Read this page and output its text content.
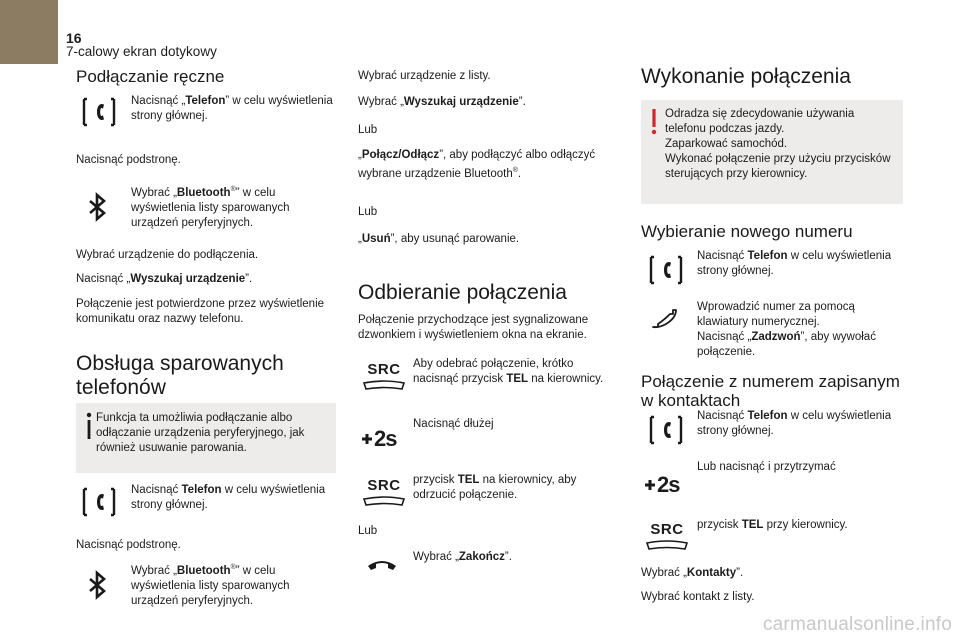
16
7-calowy ekran dotykowy
Podłączanie ręczne

Nacisnąć „Telefon” w celu wyświetlenia strony głównej.

Nacisnąć podstronę.

Wybrać „Bluetooth®” w celu wyświetlenia listy sparowanych urządzeń peryferyjnych.

Wybrać urządzenie do podłączenia.

Nacisnąć „Wyszukaj urządzenie”.

Połączenie jest potwierdzone przez wyświetlenie komunikatu oraz nazwy telefonu.

Obsługa sparowanych telefonów

Funkcja ta umożliwia podłączanie albo odłączanie urządzenia peryferyjnego, jak również usuwanie parowania.

Nacisnąć Telefon w celu wyświetlenia strony głównej.

Nacisnąć podstronę.

Wybrać „Bluetooth®” w celu wyświetlenia listy sparowanych urządzeń peryferyjnych.

Wybrać urządzenie z listy.

Wybrać „Wyszukaj urządzenie”.

Lub

„Połącz/Odłącz”, aby podłączyć albo odłączyć wybrane urządzenie Bluetooth®.

Lub

„Usuń”, aby usunąć parowanie.

Odbieranie połączenia

Połączenie przychodzące jest sygnalizowane dzwonkiem i wyświetleniem okna na ekranie.

SRC	Aby odebrać połączenie, krótko nacisnąć przycisk TEL na kierownicy.

2s

Nacisnąć dłużej

SRC	przycisk TEL na kierownicy, aby odrzucić połączenie.

Lub

Wybrać „Zakończ”.

Wykonanie połączenia

Odradza się zdecydowanie używania telefonu podczas jazdy.
Zaparkować samochód.
Wykonać połączenie przy użyciu przycisków sterujących przy kierownicy.

Wybieranie nowego numeru

Nacisnąć Telefon w celu wyświetlenia strony głównej.

Wprowadzić numer za pomocą klawiatury numerycznej.
Nacisnąć „Zadzwoń”, aby wywołać połączenie.

Połączenie z numerem zapisanym w kontaktach

Nacisnąć Telefon w celu wyświetlenia strony głównej.

2s

Lub nacisnąć i przytrzymać

SRC	przycisk TEL przy kierownicy.

Wybrać „Kontakty”.

Wybrać kontakt z listy.

carmanualsonline.info
